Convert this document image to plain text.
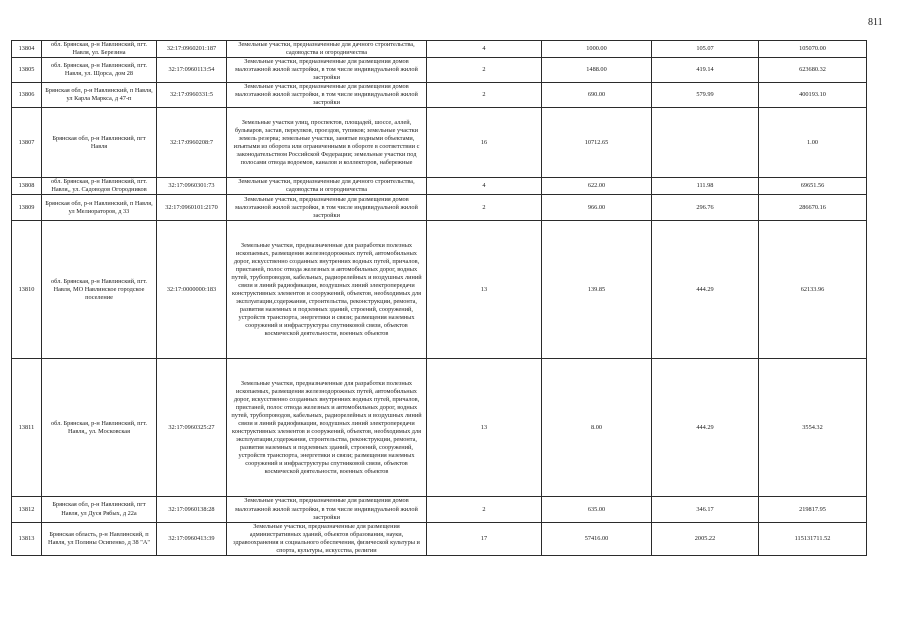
811
13804	обл. Брянская, р-н Навлинский, пгт. Навля, ул. Березина	32:17:0960201:187	Земельные участки, предназначенные для дачного строительства, садоводства и огородничества	4	1000.00	105.07	105070.00
13805	обл. Брянская, р-н Навлинский, пгт. Навля, ул. Щорса, дом 28	32:17:0960113:54	Земельные участки, предназначенные для размещения домов малоэтажной жилой застройки, в том числе индивидуальной жилой застройки	2	1488.00	419.14	623680.32
13806	Брянская обл, р-н Навлинский, п Навля, ул Карла Маркса, д 47-п	32:17:0960331:5	Земельные участки, предназначенные для размещения домов малоэтажной жилой застройки, в том числе индивидуальной жилой застройки	2	690.00	579.99	400193.10
13807	Брянская обл, р-н Навлинский, пгт Навля	32:17:0960208:7	Земельные участки улиц, проспектов, площадей, шоссе, аллей, бульваров, застав, переулков, проездов, тупиков; земельные участки земель резерва; земельные участки, занятые водными объектами, изъятыми из оборота или ограниченными в обороте в соответствии с законодательством Российской Федерации; земельные участки под полосами отвода водоемов, каналов и коллекторов, набережные	16	10712.65		1.00
13808	обл. Брянская, р-н Навлинский, пгт. Навля,, ул. Садоводов Огородников	32:17:0960301:73	Земельные участки, предназначенные для дачного строительства, садоводства и огородничества	4	622.00	111.98	69651.56
13809	Брянская обл, р-н Навлинский, п Навля, ул Мелиораторов, д 33	32:17:0960101:2170	Земельные участки, предназначенные для размещения домов малоэтажной жилой застройки, в том числе индивидуальной жилой застройки	2	966.00	296.76	286670.16
13810	обл. Брянская, р-н Навлинский, пгт. Навля, МО Навлинское городское поселение	32:17:0000000:183	Земельные участки, предназначенные для разработки полезных ископаемых, размещения железнодорожных путей, автомобильных дорог, искусственно созданных внутренних водных путей, причалов, пристаней, полос отвода железных и автомобильных дорог, водных путей, трубопроводов, кабельных, радиорелейных и воздушных линий связи и линий радиофикации, воздушных линий электропередачи конструктивных элементов и сооружений, объектов, необходимых для эксплуатации,содержания, строительства, реконструкции, ремонта, развития наземных и подземных зданий, строений, сооружений, устройств транспорта, энергетики и связи; размещения наземных сооружений и инфраструктуры спутниковой связи, объектов космической деятельности, военных объектов	13	139.85	444.29	62133.96
13811	обл. Брянская, р-н Навлинский, пгт. Навля,, ул. Московская	32:17:0960325:27	Земельные участки, предназначенные для разработки полезных ископаемых, размещения железнодорожных путей, автомобильных дорог, искусственно созданных внутренних водных путей, причалов, пристаней, полос отвода железных и автомобильных дорог, водных путей, трубопроводов, кабельных, радиорелейных и воздушных линий связи и линий радиофикации, воздушных линий электропередачи конструктивных элементов и сооружений, объектов, необходимых для эксплуатации,содержания, строительства, реконструкции, ремонта, развития наземных и подземных зданий, строений, сооружений, устройств транспорта, энергетики и связи; размещения наземных сооружений и инфраструктуры спутниковой связи, объектов космической деятельности, военных объектов	13	8.00	444.29	3554.32
13812	Брянская обл, р-н Навлинский, пгт Навля, ул Дуся Рябых, д 22а	32:17:0960138:28	Земельные участки, предназначенные для размещения домов малоэтажной жилой застройки, в том числе индивидуальной жилой застройки	2	635.00	346.17	219817.95
13813	Брянская область, р-н Навлинский, п Навля, ул Полины Осипенко, д 38 "А"	32:17:0960413:39	Земельные участки, предназначенные для размещения административных зданий, объектов образования, науки, здравоохранения и социального обеспечения, физической культуры и спорта, культуры, искусства, религии	17	57416.00	2005.22	115131711.52
